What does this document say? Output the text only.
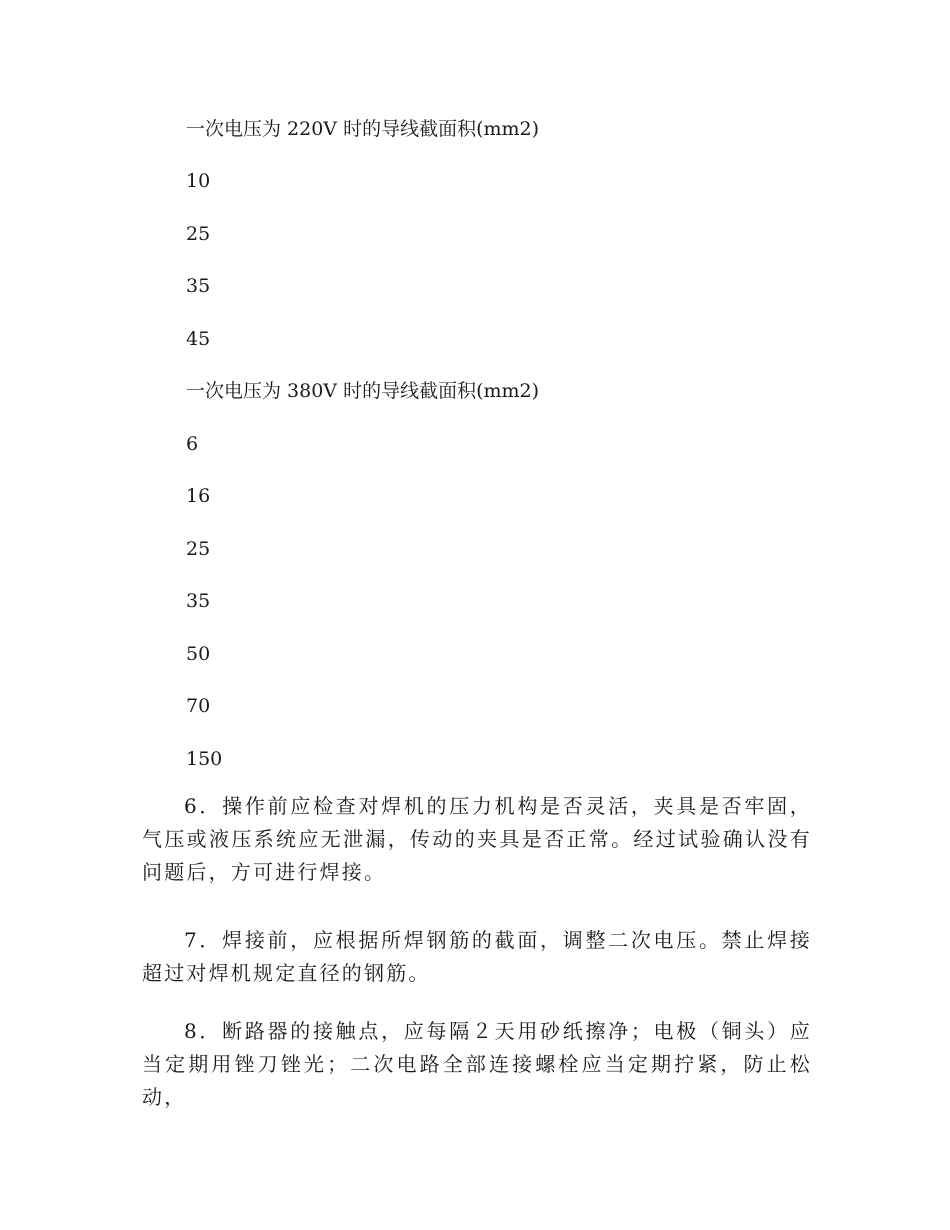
一次电压为 220V 时的导线截面积(mm2)
10
25
35
45
一次电压为 380V 时的导线截面积(mm2)
6
16
25
35
50
70
150
6．操作前应检查对焊机的压力机构是否灵活，夹具是否牢固，气压或液压系统应无泄漏，传动的夹具是否正常。经过试验确认没有问题后，方可进行焊接。
7．焊接前，应根据所焊钢筋的截面，调整二次电压。禁止焊接超过对焊机规定直径的钢筋。
8．断路器的接触点，应每隔２天用砂纸擦净；电极（铜头）应当定期用锉刀锉光；二次电路全部连接螺栓应当定期拧紧，防止松动，
